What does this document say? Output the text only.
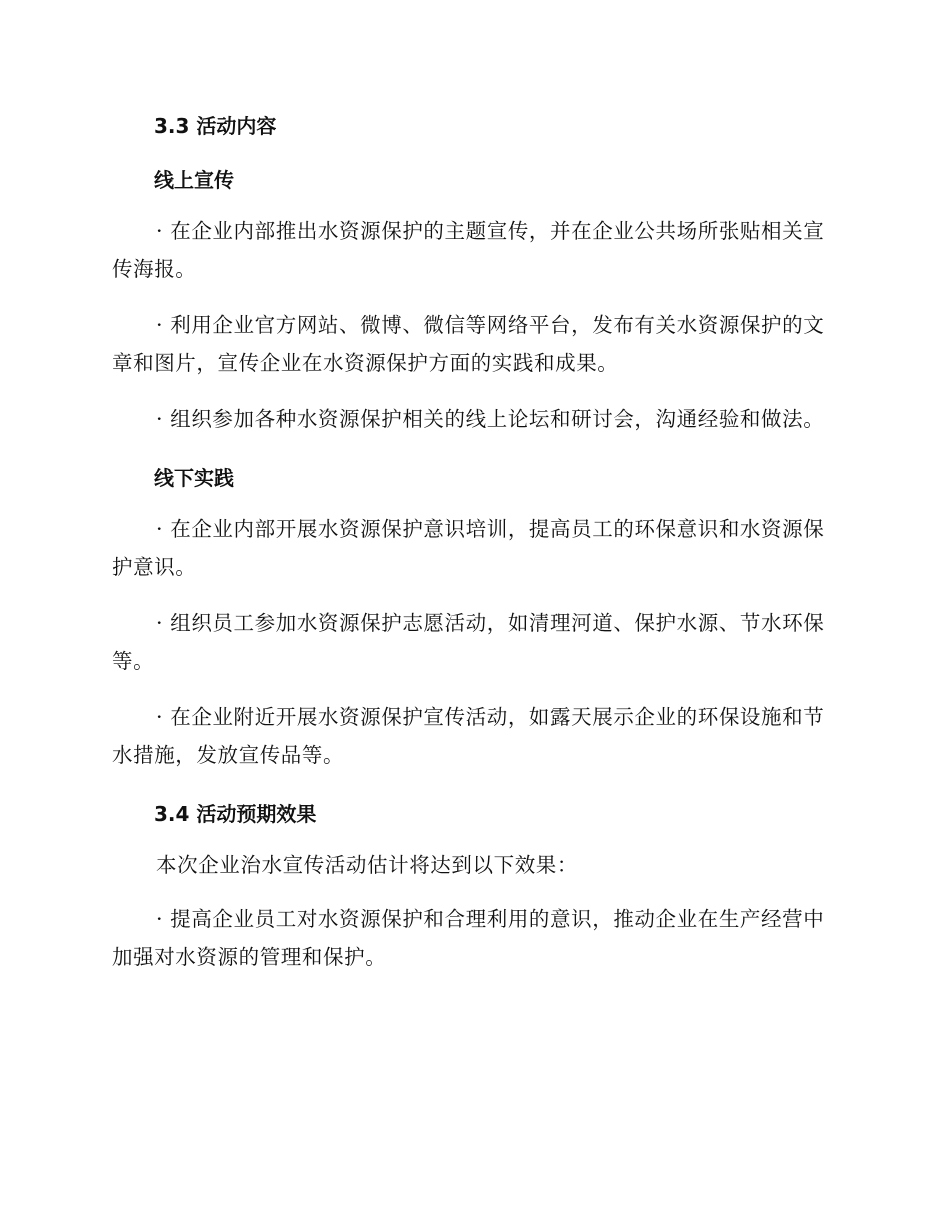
3.3 活动内容
线上宣传

· 在企业内部推出水资源保护的主题宣传，并在企业公共场所张贴相关宣传海报。

· 利用企业官方网站、微博、微信等网络平台，发布有关水资源保护的文章和图片，宣传企业在水资源保护方面的实践和成果。

· 组织参加各种水资源保护相关的线上论坛和研讨会，沟通经验和做法。

线下实践

· 在企业内部开展水资源保护意识培训，提高员工的环保意识和水资源保护意识。

· 组织员工参加水资源保护志愿活动，如清理河道、保护水源、节水环保等。

· 在企业附近开展水资源保护宣传活动，如露天展示企业的环保设施和节水措施，发放宣传品等。

3.4 活动预期效果

本次企业治水宣传活动估计将达到以下效果：

· 提高企业员工对水资源保护和合理利用的意识，推动企业在生产经营中加强对水资源的管理和保护。
